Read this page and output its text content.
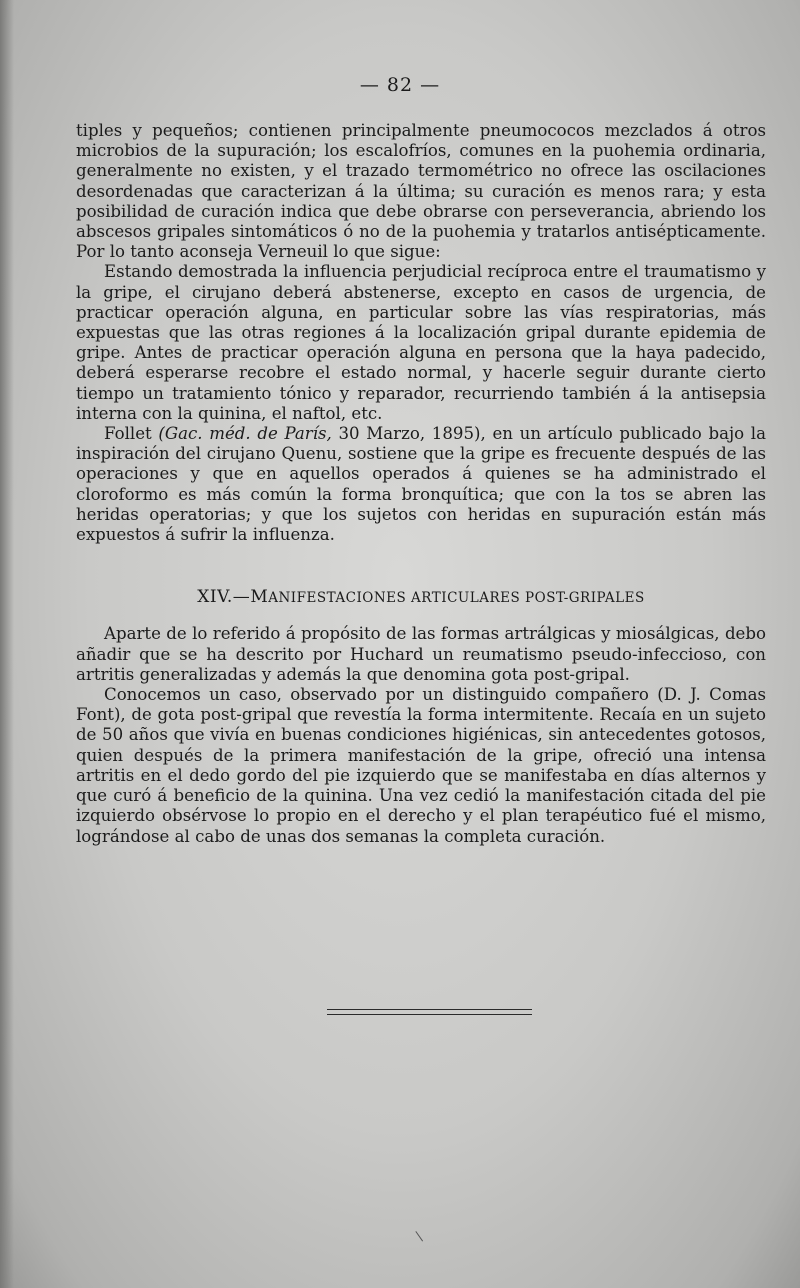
— 82 —

tiples y pequeños; contienen principalmente pneumococos mezclados á otros microbios de la supuración; los escalofríos, comunes en la puohemia ordinaria, generalmente no existen, y el trazado termométrico no ofrece las oscilaciones desordenadas que caracterizan á la última; su curación es menos rara; y esta posibilidad de curación indica que debe obrarse con perseverancia, abriendo los abscesos gripales sintomáticos ó no de la puohemia y tratarlos antisépticamente. Por lo tanto aconseja Verneuil lo que sigue:

Estando demostrada la influencia perjudicial recíproca entre el traumatismo y la gripe, el cirujano deberá abstenerse, excepto en casos de urgencia, de practicar operación alguna, en particular sobre las vías respiratorias, más expuestas que las otras regiones á la localización gripal durante epidemia de gripe. Antes de practicar operación alguna en persona que la haya padecido, deberá esperarse recobre el estado normal, y hacerle seguir durante cierto tiempo un tratamiento tónico y reparador, recurriendo también á la antisepsia interna con la quinina, el naftol, etc.

Follet (Gac. méd. de París, 30 Marzo, 1895), en un artículo publicado bajo la inspiración del cirujano Quenu, sostiene que la gripe es frecuente después de las operaciones y que en aquellos operados á quienes se ha administrado el cloroformo es más común la forma bronquítica; que con la tos se abren las heridas operatorias; y que los sujetos con heridas en supuración están más expuestos á sufrir la influenza.

XIV.—MANIFESTACIONES ARTICULARES POST-GRIPALES

Aparte de lo referido á propósito de las formas artrálgicas y miosálgicas, debo añadir que se ha descrito por Huchard un reumatismo pseudo-infeccioso, con artritis generalizadas y además la que denomina gota post-gripal.

Conocemos un caso, observado por un distinguido compañero (D. J. Comas Font), de gota post-gripal que revestía la forma intermitente. Recaía en un sujeto de 50 años que vivía en buenas condiciones higiénicas, sin antecedentes gotosos, quien después de la primera manifestación de la gripe, ofreció una intensa artritis en el dedo gordo del pie izquierdo que se manifestaba en días alternos y que curó á beneficio de la quinina. Una vez cedió la manifestación citada del pie izquierdo obsérvose lo propio en el derecho y el plan terapéutico fué el mismo, lográndose al cabo de unas dos semanas la completa curación.
